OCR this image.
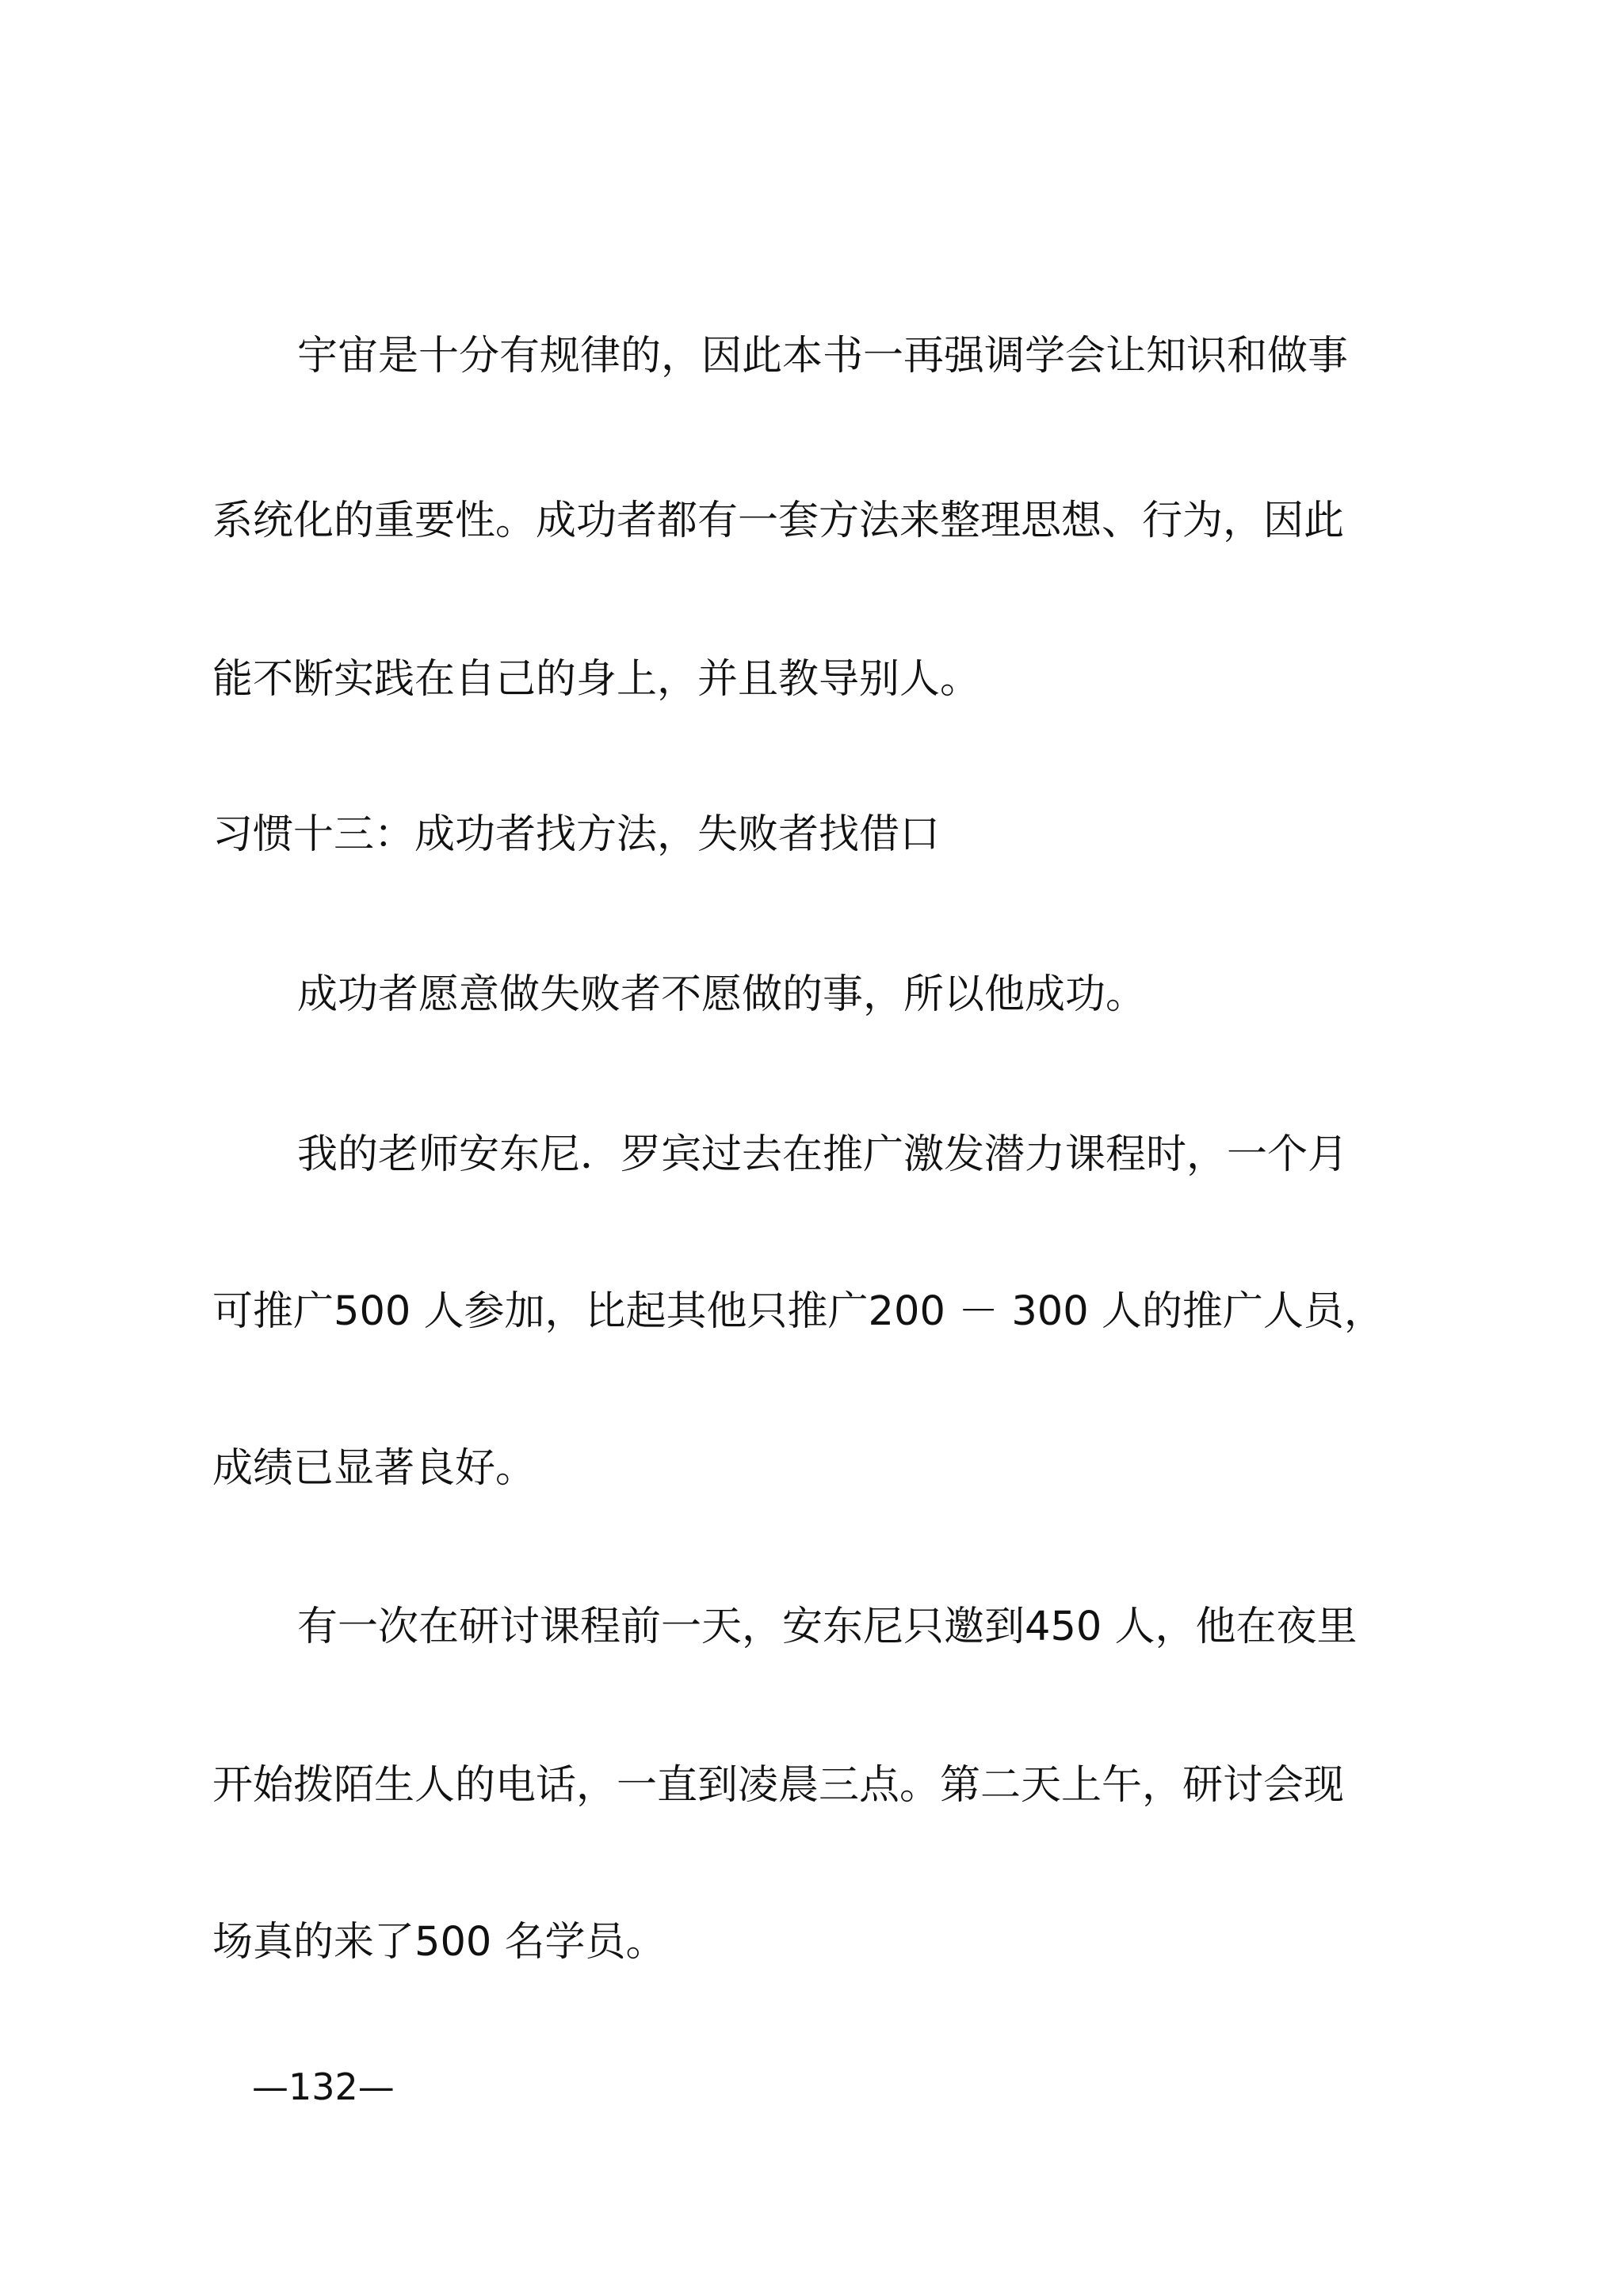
宇宙是十分有规律的，因此本书一再强调学会让知识和做事
系统化的重要性。成功者都有一套方法来整理思想、行为，因此
能不断实践在自己的身上，并且教导别人。
习惯十三：成功者找方法，失败者找借口
成功者愿意做失败者不愿做的事，所以他成功。
我的老师安东尼．罗宾过去在推广激发潜力课程时，一个月
可推广500 人参加，比起其他只推广200 － 300 人的推广人员，
成绩已显著良好。
有一次在研讨课程前一天，安东尼只邀到450 人，他在夜里
开始拨陌生人的电话，一直到凌晨三点。第二天上午，研讨会现
场真的来了500 名学员。
—132—
